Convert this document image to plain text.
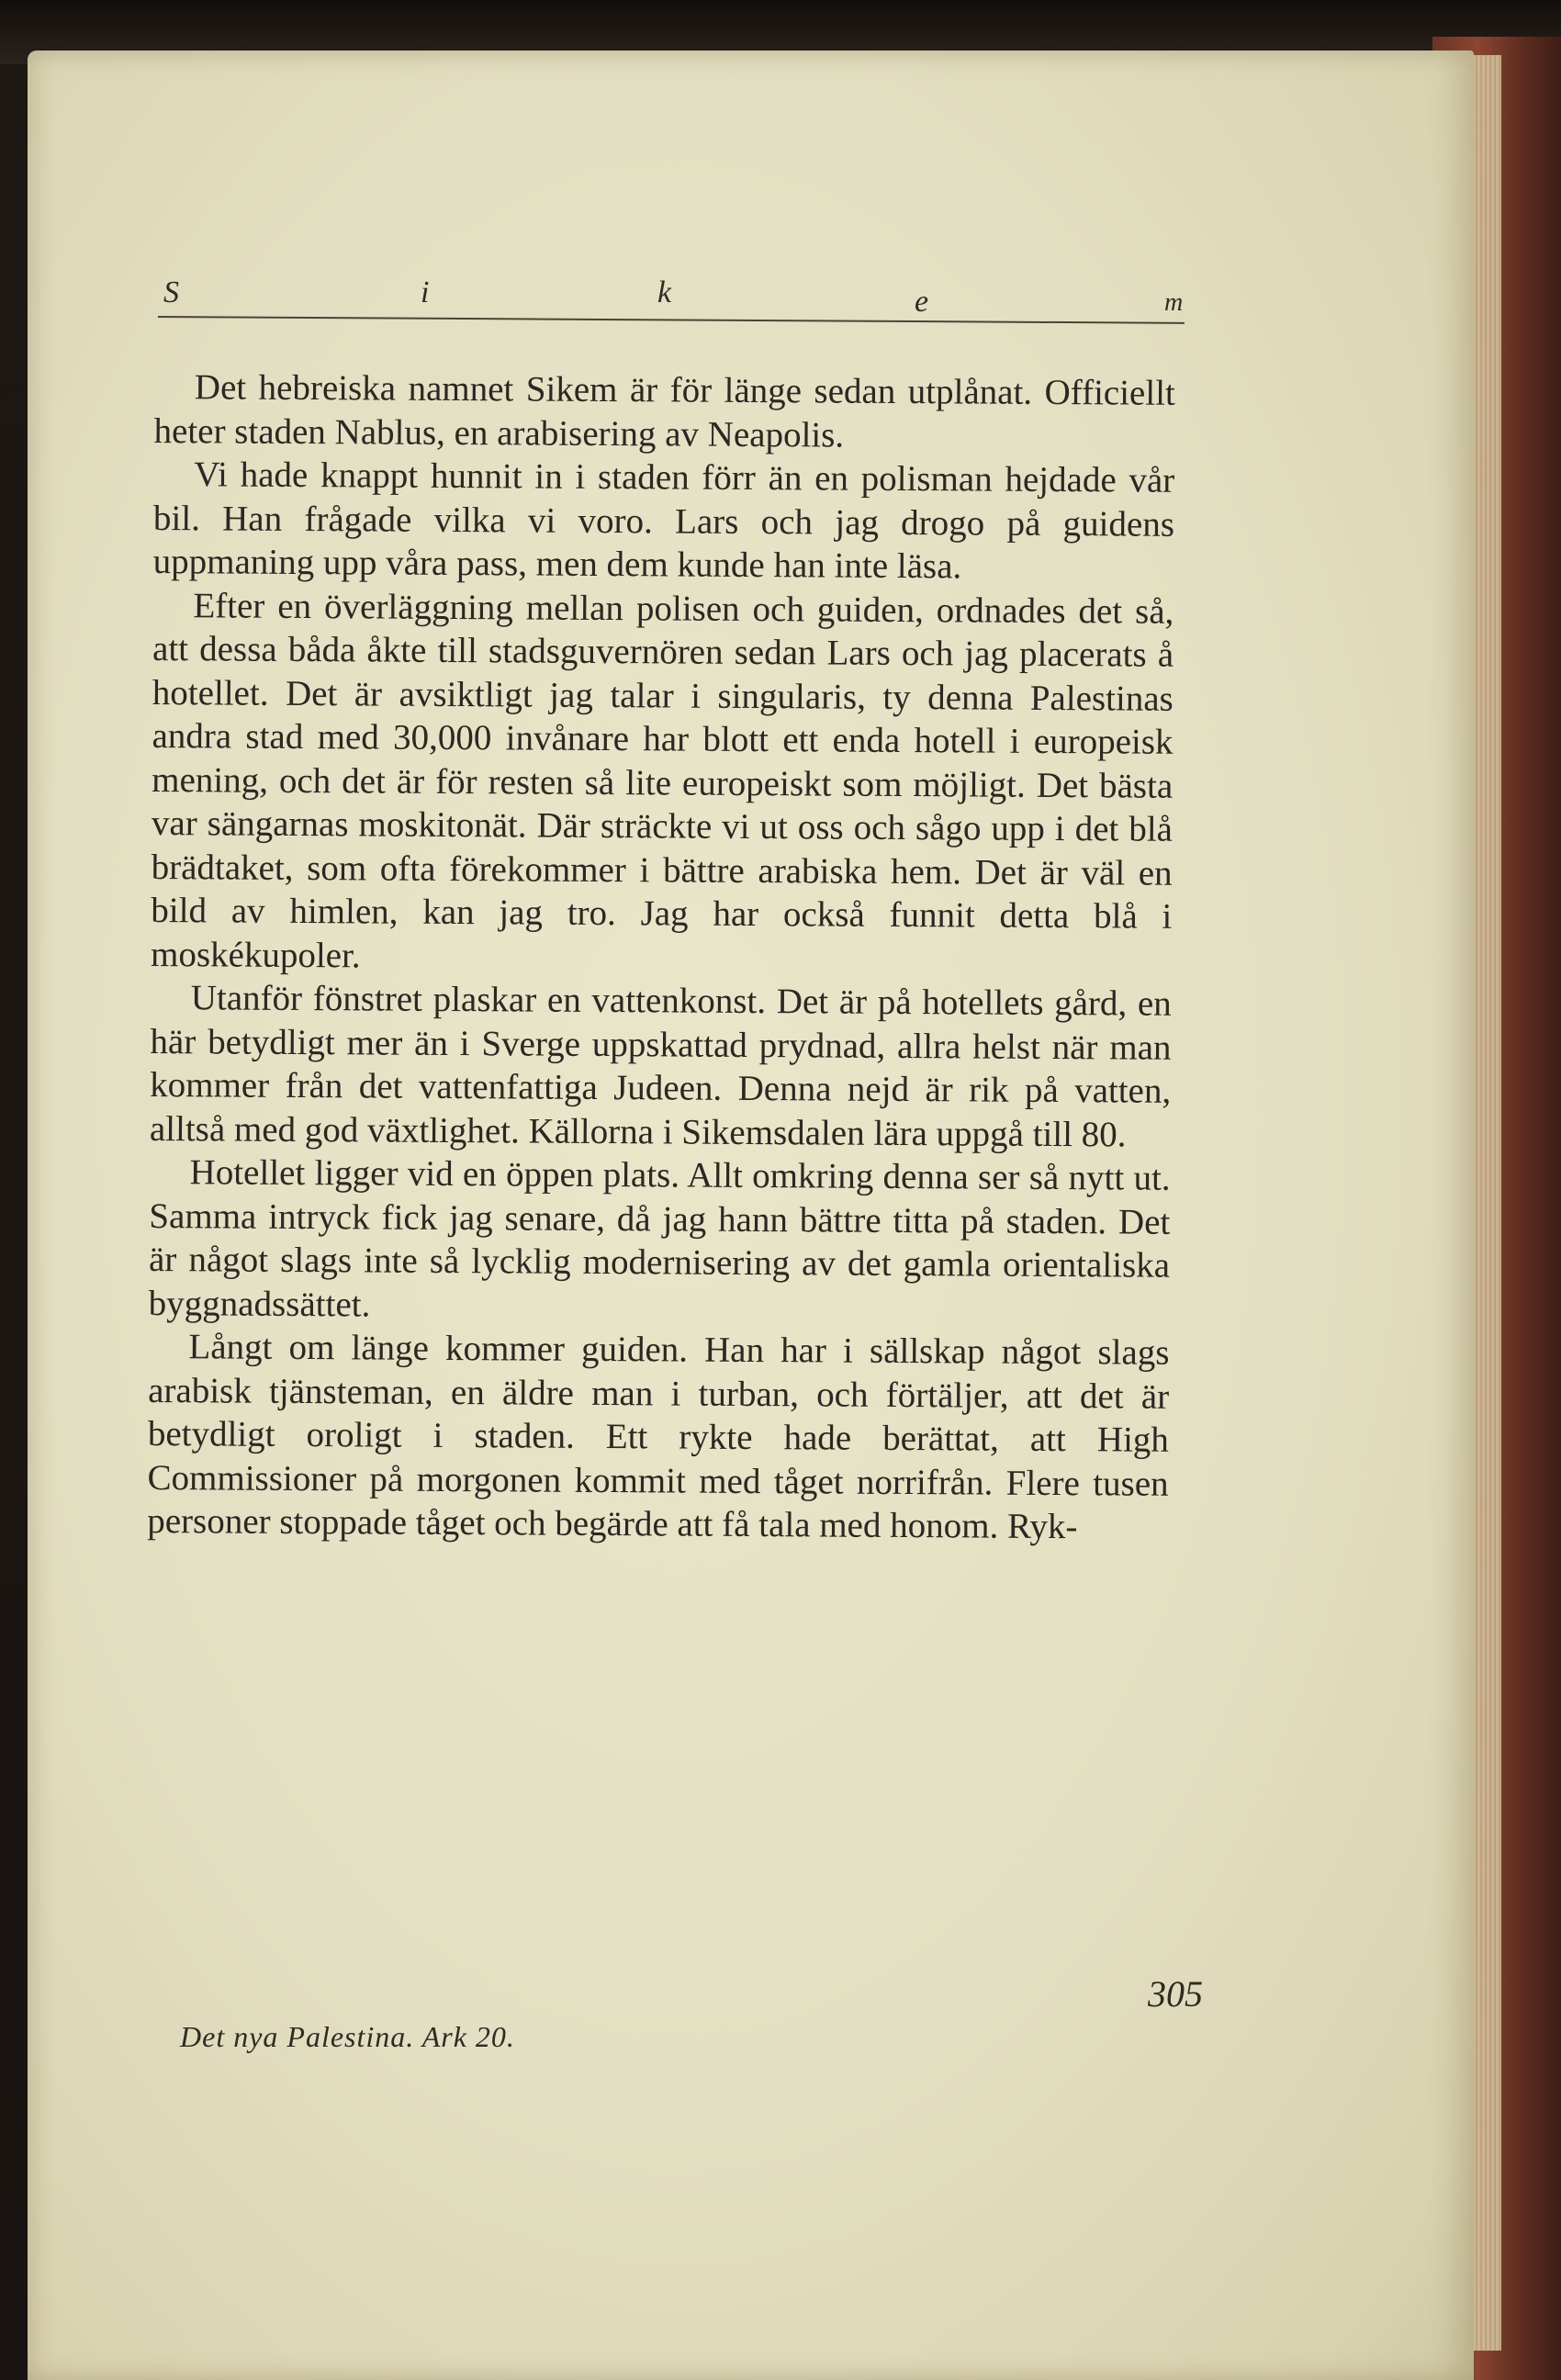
S	i	k	e	m

Det hebreiska namnet Sikem är för länge sedan utplånat. Officiellt heter staden Nablus, en arabisering av Neapolis.

Vi hade knappt hunnit in i staden förr än en polisman hejdade vår bil. Han frågade vilka vi voro. Lars och jag drogo på guidens uppmaning upp våra pass, men dem kunde han inte läsa.

Efter en överläggning mellan polisen och guiden, ordnades det så, att dessa båda åkte till stadsguvernören sedan Lars och jag placerats å hotellet. Det är avsiktligt jag talar i singularis, ty denna Palestinas andra stad med 30,000 invånare har blott ett enda hotell i europeisk mening, och det är för resten så lite europeiskt som möjligt. Det bästa var sängarnas moskitonät. Där sträckte vi ut oss och sågo upp i det blå brädtaket, som ofta förekommer i bättre arabiska hem. Det är väl en bild av himlen, kan jag tro. Jag har också funnit detta blå i moskékupoler.

Utanför fönstret plaskar en vattenkonst. Det är på hotellets gård, en här betydligt mer än i Sverge uppskattad prydnad, allra helst när man kommer från det vattenfattiga Judeen. Denna nejd är rik på vatten, alltså med god växtlighet. Källorna i Sikemsdalen lära uppgå till 80.

Hotellet ligger vid en öppen plats. Allt omkring denna ser så nytt ut. Samma intryck fick jag senare, då jag hann bättre titta på staden. Det är något slags inte så lycklig modernisering av det gamla orientaliska byggnadssättet.

Långt om länge kommer guiden. Han har i sällskap något slags arabisk tjänsteman, en äldre man i turban, och förtäljer, att det är betydligt oroligt i staden. Ett rykte hade berättat, att High Commissioner på morgonen kommit med tåget norrifrån. Flere tusen personer stoppade tåget och begärde att få tala med honom. Ryk-

305
Det nya Palestina. Ark 20.
